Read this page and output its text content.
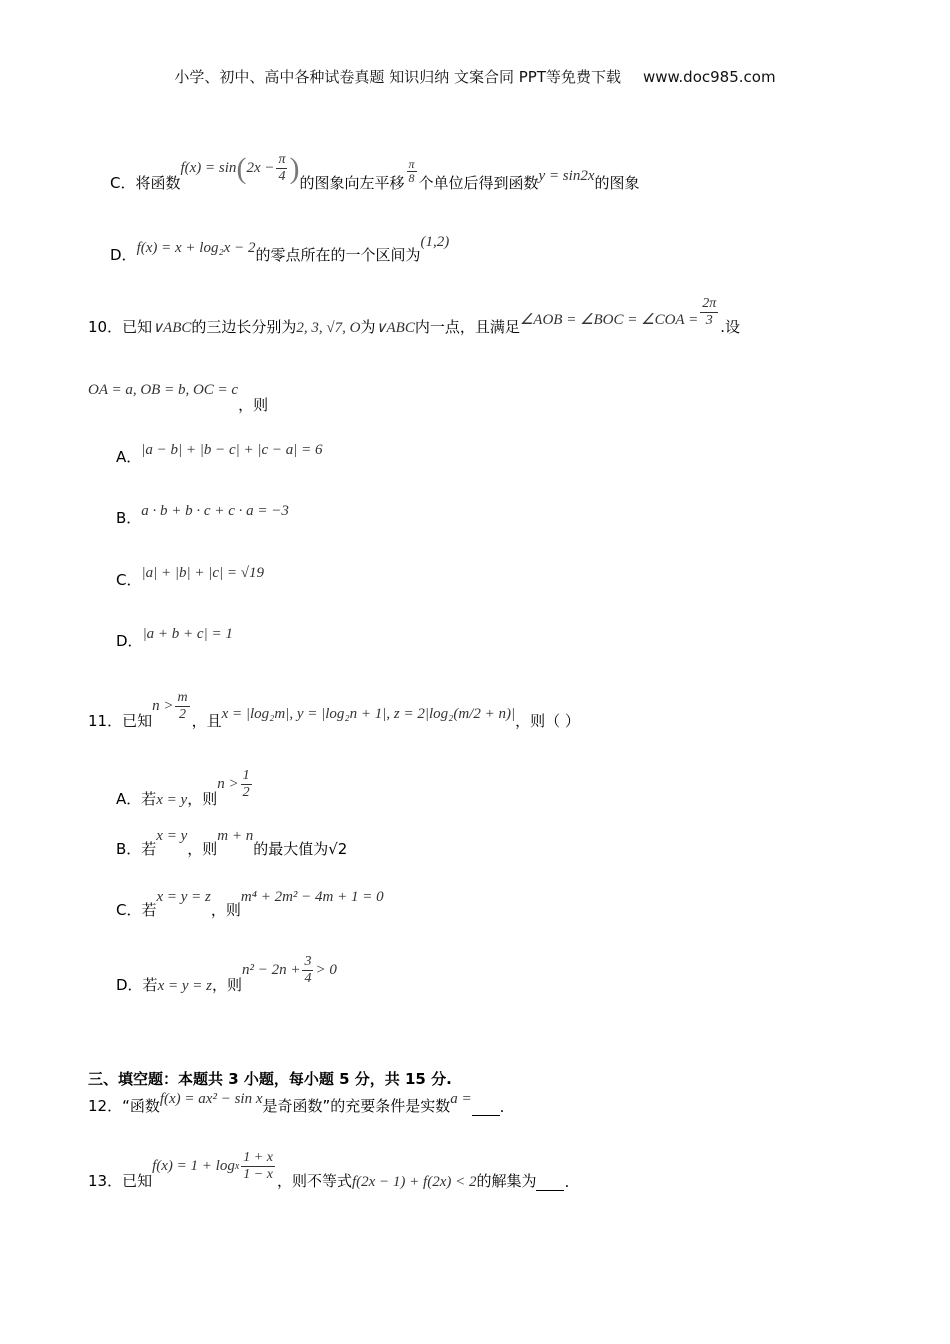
小学、初中、高中各种试卷真题 知识归纳 文案合同 PPT等免费下载 www.doc985.com
C．将函数
f(x) = sin ( $2x - \frac{\pi}{4}$ ) 的图象向左平移 $\frac{\pi}{8}$ 个单位后得到函数 y = sin2x 的图象
D． f(x) = x + log₂x − 2 的零点所在的一个区间为
(1,2)
10．已知 ∨ABC 的三边长分别为 2, 3, √7, O 为 ∨ABC 内一点，且满足 ∠AOB = ∠BOC = ∠COA = $\frac{2\pi}{3}$ .设
OA = a, OB = b, OC = c
，则
A． |a − b| + |b − c| + |c − a| = 6
B． a · b + b · c + c · a = −3
C． |a| + |b| + |c| = √19
D． |a + b + c| = 1
11．已知
$n > \frac{m}{2}$ ，且 x = |log₂m|, y = |log₂n + 1|, z = 2|log₂(m/2 + n)| ，则（ ）
A．若 x = y ，则
$n > \frac{1}{2}$
B．若
x = y
，则
m + n
的最大值为√2
C．若
x = y = z
，则
m⁴ + 2m² − 4m + 1 = 0
D．若 x = y = z ，则
$n^2 - 2n + \frac{3}{4} > 0$
三、填空题：本题共 3 小题，每小题 5 分，共 15 分.
12．“函数 f(x) = ax² − sin x 是奇函数”的充要条件是实数 a = .
13．已知
f(x) = 1 + log x $\frac{1 + x}{1 - x}$ ，则不等式 f(2x − 1) + f(2x) < 2 的解集为 .
